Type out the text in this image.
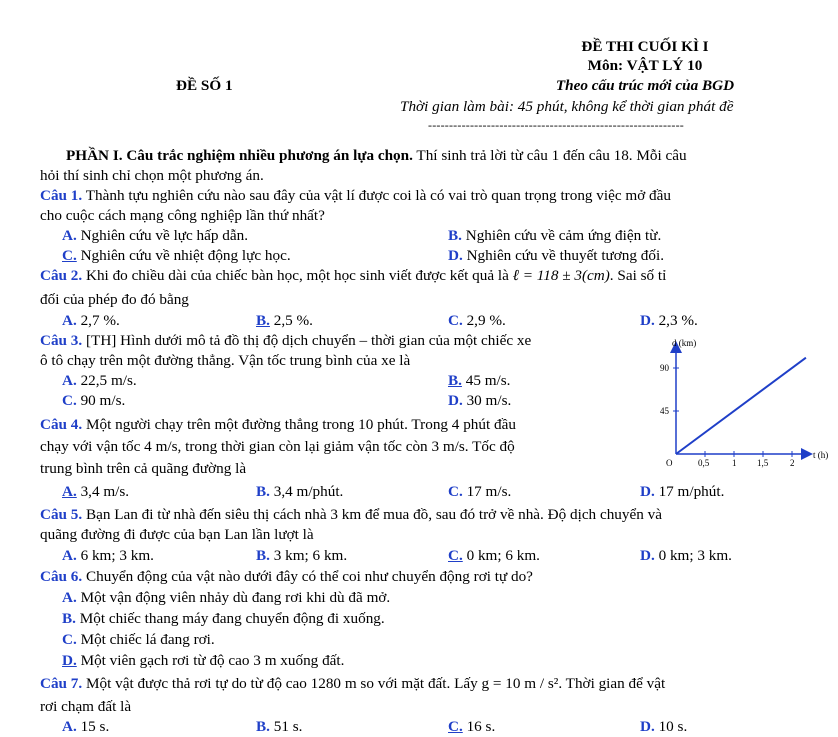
ĐỀ THI CUỐI KÌ I
Môn: VẬT LÝ 10
ĐỀ SỐ 1	Theo cấu trúc mới của BGD
Thời gian làm bài: 45 phút, không kể thời gian phát đề
-------------------------------------------------------------
PHẦN I. Câu trắc nghiệm nhiều phương án lựa chọn. Thí sinh trả lời từ câu 1 đến câu 18. Mỗi câu
hỏi thí sinh chỉ chọn một phương án.
Câu 1. Thành tựu nghiên cứu nào sau đây của vật lí được coi là có vai trò quan trọng trong việc mở đầu
cho cuộc cách mạng công nghiệp lần thứ nhất?
A. Nghiên cứu về lực hấp dẫn.	B. Nghiên cứu về cảm ứng điện từ.
C. Nghiên cứu về nhiệt động lực học.	D. Nghiên cứu về thuyết tương đối.
Câu 2. Khi đo chiều dài của chiếc bàn học, một học sinh viết được kết quả là ℓ = 118 ± 3(cm). Sai số tỉ
đối của phép đo đó bằng
A. 2,7 %.	B. 2,5 %.	C. 2,9 %.	D. 2,3 %.
Câu 3. [TH] Hình dưới mô tả đồ thị độ dịch chuyển – thời gian của một chiếc xe
ô tô chạy trên một đường thẳng. Vận tốc trung bình của xe là
A. 22,5 m/s.	B. 45 m/s.
C. 90 m/s.	D. 30 m/s.
Câu 4. Một người chạy trên một đường thẳng trong 10 phút. Trong 4 phút đầu
chạy với vận tốc 4 m/s, trong thời gian còn lại giảm vận tốc còn 3 m/s. Tốc độ
trung bình trên cả quãng đường là
A. 3,4 m/s.	B. 3,4 m/phút.	C. 17 m/s.	D. 17 m/phút.
d (km)
t (h)
90
45
O	0,5	1 1,5 2
Câu 5. Bạn Lan đi từ nhà đến siêu thị cách nhà 3 km để mua đồ, sau đó trở về nhà. Độ dịch chuyển và
quãng đường đi được của bạn Lan lần lượt là
A. 6 km; 3 km.	B. 3 km; 6 km.	C. 0 km; 6 km.	D. 0 km; 3 km.
Câu 6. Chuyển động của vật nào dưới đây có thể coi như chuyển động rơi tự do?
A. Một vận động viên nhảy dù đang rơi khi dù đã mở.
B. Một chiếc thang máy đang chuyển động đi xuống.
C. Một chiếc lá đang rơi.
D. Một viên gạch rơi từ độ cao 3 m xuống đất.
Câu 7. Một vật được thả rơi tự do từ độ cao 1280 m so với mặt đất. Lấy g = 10 m / s². Thời gian để vật
rơi chạm đất là
A. 15 s.	B. 51 s.	C. 16 s.	D. 10 s.
